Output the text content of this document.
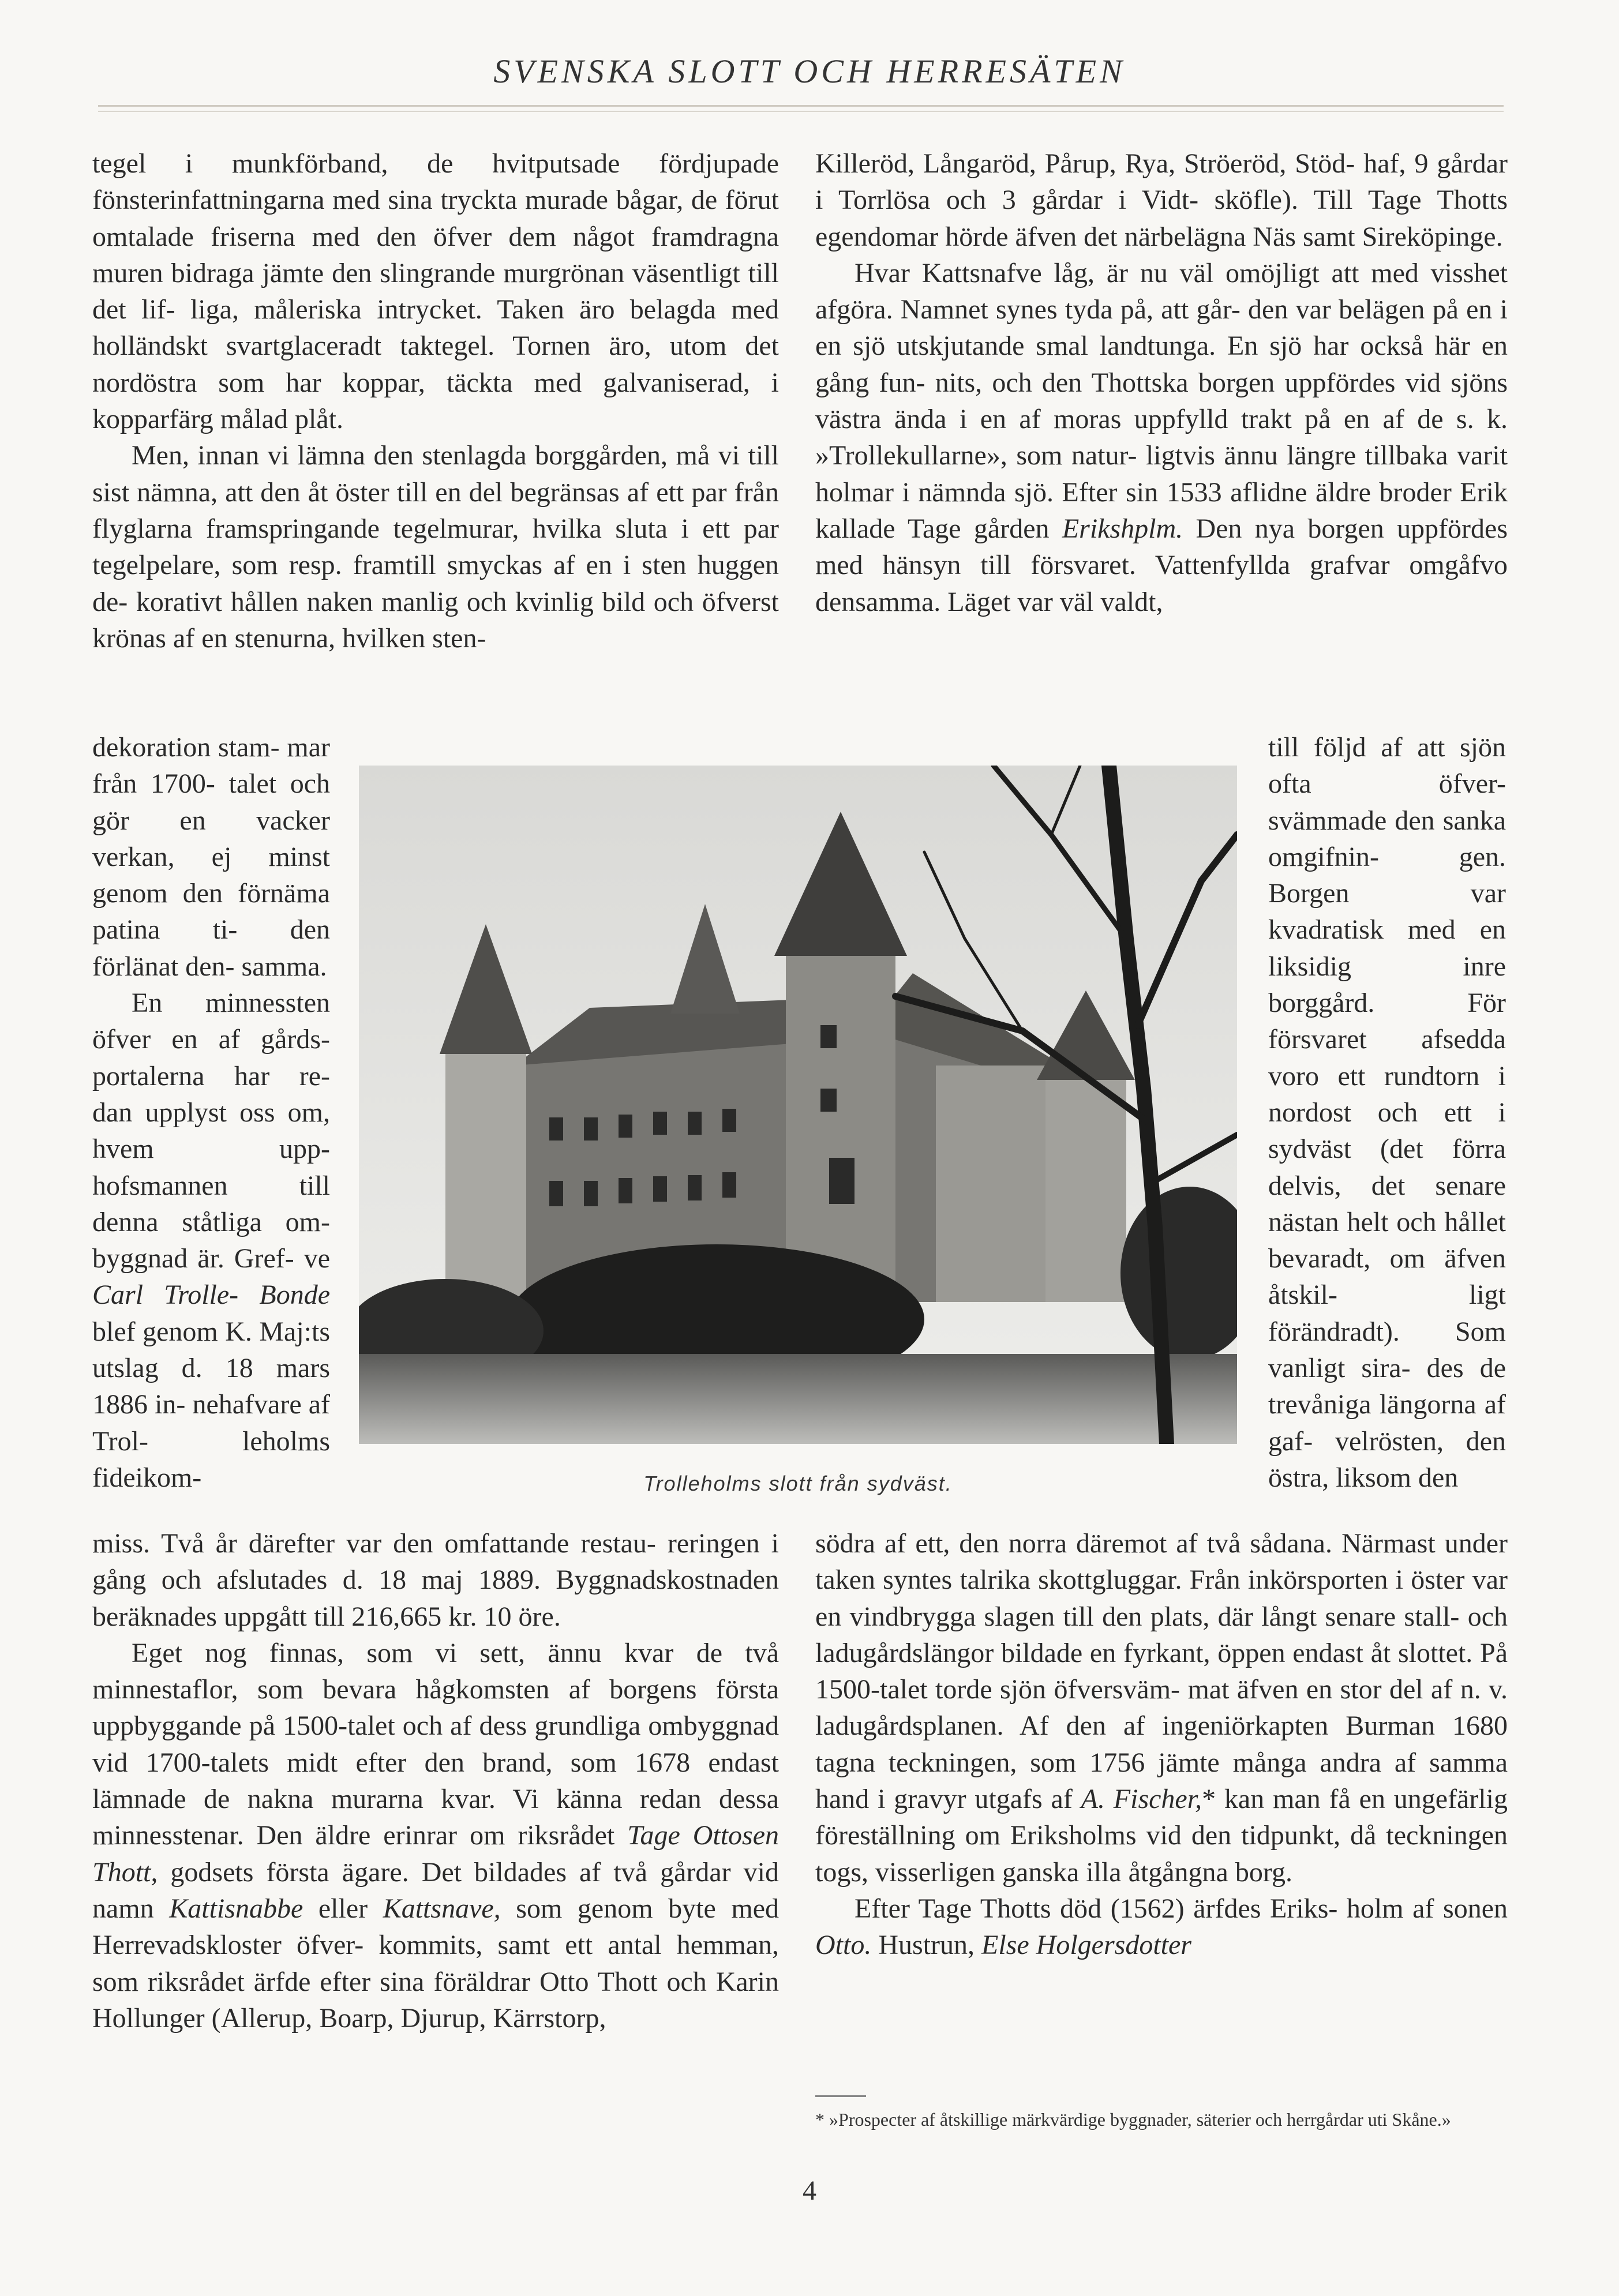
SVENSKA SLOTT OCH HERRESÄTEN

tegel i munkförband, de hvitputsade fördjupade fönsterinfattningarna med sina tryckta murade bågar, de förut omtalade friserna med den öfver dem något framdragna muren bidraga jämte den slingrande murgrönan väsentligt till det lif- liga, måleriska intrycket. Taken äro belagda med holländskt svartglaceradt taktegel. Tornen äro, utom det nordöstra som har koppar, täckta med galvaniserad, i kopparfärg målad plåt.

Men, innan vi lämna den stenlagda borggården, må vi till sist nämna, att den åt öster till en del begränsas af ett par från flyglarna framspringande tegelmurar, hvilka sluta i ett par tegelpelare, som resp. framtill smyckas af en i sten huggen de- korativt hållen naken manlig och kvinlig bild och öfverst krönas af en stenurna, hvilken sten-

dekoration stam- mar från 1700- talet och gör en vacker verkan, ej minst genom den förnäma patina ti- den förlänat den- samma.

En minnessten öfver en af gårds- portalerna har re- dan upplyst oss om, hvem upp- hofsmannen till denna ståtliga om- byggnad är. Gref- ve Carl Trolle- Bonde blef genom K. Maj:ts utslag d. 18 mars 1886 in- nehafvare af Trol-	leholms fideikom-

miss. Två år därefter var den omfattande restau- reringen i gång och afslutades d. 18 maj 1889. Byggnadskostnaden beräknades uppgått till 216,665 kr. 10 öre.

Eget nog finnas, som vi sett, ännu kvar de två minnestaflor, som bevara hågkomsten af borgens första uppbyggande på 1500-talet och af dess grundliga ombyggnad vid 1700-talets midt efter den brand, som 1678 endast lämnade de nakna murarna kvar. Vi känna redan dessa minnesstenar. Den äldre erinrar om riksrådet Tage Ottosen Thott, godsets första ägare. Det bildades af två gårdar vid namn Kattisnabbe eller Kattsnave, som genom byte med Herrevadskloster öfver- kommits, samt ett antal hemman, som riksrådet ärfde efter sina föräldrar Otto Thott och Karin Hollunger (Allerup, Boarp, Djurup, Kärrstorp,

Killeröd, Långaröd, Pårup, Rya, Ströeröd, Stöd- haf, 9 gårdar i Torrlösa och 3 gårdar i Vidt- sköfle). Till Tage Thotts egendomar hörde äfven det närbelägna Näs samt Sireköpinge.

Hvar Kattsnafve låg, är nu väl omöjligt att med visshet afgöra. Namnet synes tyda på, att går- den var belägen på en i en sjö utskjutande smal landtunga. En sjö har också här en gång fun- nits, och den Thottska borgen uppfördes vid sjöns västra ända i en af moras uppfylld trakt på en af de s. k. »Trollekullarne», som natur- ligtvis ännu längre tillbaka varit holmar i nämnda sjö. Efter sin 1533 aflidne äldre broder Erik kallade Tage gården Erikshplm. Den nya borgen uppfördes med hänsyn till försvaret. Vattenfyllda grafvar omgåfvo densamma. Läget var väl valdt,

till följd af att sjön ofta öfver- svämmade den sanka omgifnin-	gen. Borgen var kvadratisk med en liksidig inre borggård. För försvaret afsedda voro ett rundtorn i nordost och ett i sydväst (det förra delvis, det senare nästan helt och hållet bevaradt, om äfven åtskil-	ligt förändradt). Som vanligt sira- des de trevåniga längorna af gaf- velrösten, den östra, liksom den

södra af ett, den norra däremot af två sådana. Närmast under taken syntes talrika skottgluggar. Från inkörsporten i öster var en vindbrygga slagen till den plats, där långt senare stall- och ladugårdslängor bildade en fyrkant, öppen endast åt slottet. På 1500-talet torde sjön öfversväm- mat äfven en stor del af n. v. ladugårdsplanen. Af den af ingeniörkapten Burman 1680 tagna teckningen, som 1756 jämte många andra af samma hand i gravyr utgafs af A. Fischer,* kan man få en ungefärlig föreställning om Eriksholms vid den tidpunkt, då teckningen togs, visserligen ganska illa åtgångna borg.

Efter Tage Thotts död (1562) ärfdes Eriks- holm af sonen Otto. Hustrun, Else Holgersdotter

Trolleholms slott från sydväst.
* »Prospecter af åtskillige märkvärdige byggnader, säterier och herrgårdar uti Skåne.»
4
